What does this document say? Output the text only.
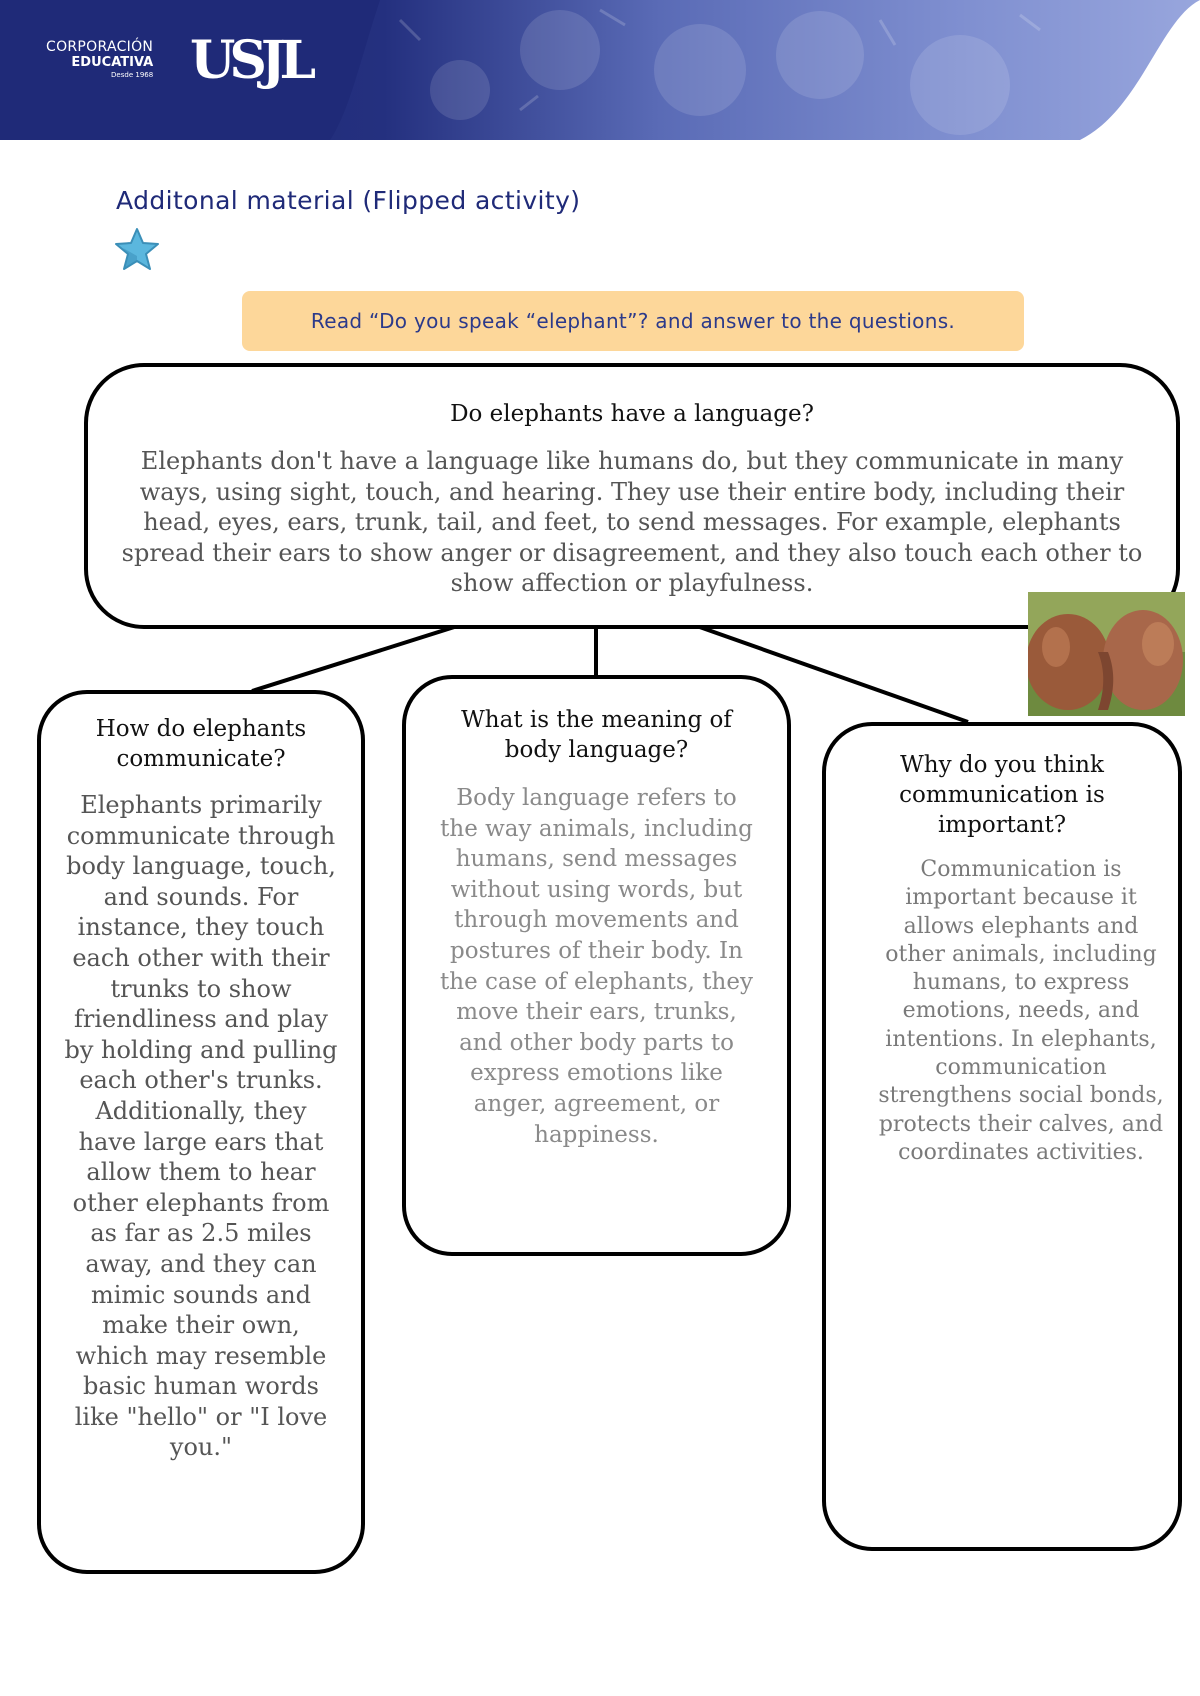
CORPORACIÓN
EDUCATIVA
Desde 1968 USJL
Additonal material (Flipped activity)
Read “Do you speak “elephant”? and answer to the questions.
Do elephants have a language?
Elephants don't have a language like humans do, but they communicate in many ways, using sight, touch, and hearing. They use their entire body, including their head, eyes, ears, trunk, tail, and feet, to send messages. For example, elephants spread their ears to show anger or disagreement, and they also touch each other to show affection or playfulness.
How do elephants communicate?
Elephants primarily communicate through body language, touch, and sounds. For instance, they touch each other with their trunks to show friendliness and play by holding and pulling each other's trunks. Additionally, they have large ears that allow them to hear other elephants from as far as 2.5 miles away, and they can mimic sounds and make their own, which may resemble basic human words like "hello" or "I love you."
What is the meaning of body language?
Body language refers to the way animals, including humans, send messages without using words, but through movements and postures of their body. In the case of elephants, they move their ears, trunks, and other body parts to express emotions like anger, agreement, or happiness.
Why do you think communication is important?
Communication is important because it allows elephants and other animals, including humans, to express emotions, needs, and intentions. In elephants, communication strengthens social bonds, protects their calves, and coordinates activities.
